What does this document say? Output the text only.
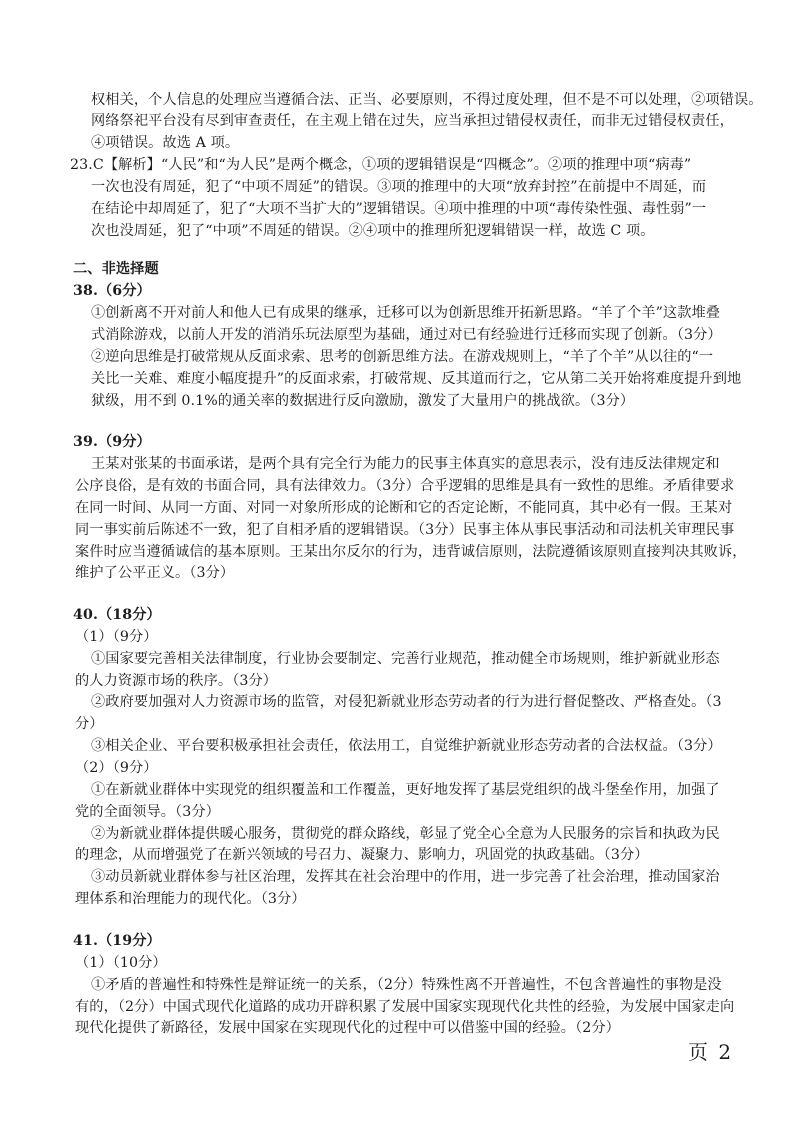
权相关，个人信息的处理应当遵循合法、正当、必要原则，不得过度处理，但不是不可以处理，②项错误。
网络祭祀平台没有尽到审查责任，在主观上错在过失，应当承担过错侵权责任，而非无过错侵权责任，
④项错误。故选 A 项。
23.C【解析】“人民”和“为人民”是两个概念，①项的逻辑错误是“四概念”。②项的推理中项“病毒”
一次也没有周延，犯了“中项不周延”的错误。③项的推理中的大项“放弃封控”在前提中不周延，而
在结论中却周延了，犯了“大项不当扩大的”逻辑错误。④项中推理的中项“毒传染性强、毒性弱”一
次也没周延，犯了“中项”不周延的错误。②④项中的推理所犯逻辑错误一样，故选 C 项。
二、非选择题
38.（6分）
①创新离不开对前人和他人已有成果的继承，迁移可以为创新思维开拓新思路。“羊了个羊”这款堆叠
式消除游戏，以前人开发的消消乐玩法原型为基础，通过对已有经验进行迁移而实现了创新。（3分）
②逆向思维是打破常规从反面求索、思考的创新思维方法。在游戏规则上，“羊了个羊”从以往的“一
关比一关难、难度小幅度提升”的反面求索，打破常规、反其道而行之，它从第二关开始将难度提升到地
狱级，用不到 0.1%的通关率的数据进行反向激励，激发了大量用户的挑战欲。（3分）
39.（9分）
王某对张某的书面承诺，是两个具有完全行为能力的民事主体真实的意思表示，没有违反法律规定和
公序良俗，是有效的书面合同，具有法律效力。（3分）合乎逻辑的思维是具有一致性的思维。矛盾律要求
在同一时间、从同一方面、对同一对象所形成的论断和它的否定论断，不能同真，其中必有一假。王某对
同一事实前后陈述不一致，犯了自相矛盾的逻辑错误。（3分）民事主体从事民事活动和司法机关审理民事
案件时应当遵循诚信的基本原则。王某出尔反尔的行为，违背诚信原则，法院遵循该原则直接判决其败诉，
维护了公平正义。（3分）
40.（18分）
（1）（9分）
①国家要完善相关法律制度，行业协会要制定、完善行业规范，推动健全市场规则，维护新就业形态
的人力资源市场的秩序。（3分）
②政府要加强对人力资源市场的监管，对侵犯新就业形态劳动者的行为进行督促整改、严格查处。（3
分）
③相关企业、平台要积极承担社会责任，依法用工，自觉维护新就业形态劳动者的合法权益。（3分）
（2）（9分）
①在新就业群体中实现党的组织覆盖和工作覆盖，更好地发挥了基层党组织的战斗堡垒作用，加强了
党的全面领导。（3分）
②为新就业群体提供暖心服务，贯彻党的群众路线，彰显了党全心全意为人民服务的宗旨和执政为民
的理念，从而增强党了在新兴领域的号召力、凝聚力、影响力，巩固党的执政基础。（3分）
③动员新就业群体参与社区治理，发挥其在社会治理中的作用，进一步完善了社会治理，推动国家治
理体系和治理能力的现代化。（3分）
41.（19分）
（1）（10分）
①矛盾的普遍性和特殊性是辩证统一的关系，（2分）特殊性离不开普遍性，不包含普遍性的事物是没
有的，（2分）中国式现代化道路的成功开辟积累了发展中国家实现现代化共性的经验，为发展中国家走向
现代化提供了新路径，发展中国家在实现现代化的过程中可以借鉴中国的经验。（2分）
页 2
